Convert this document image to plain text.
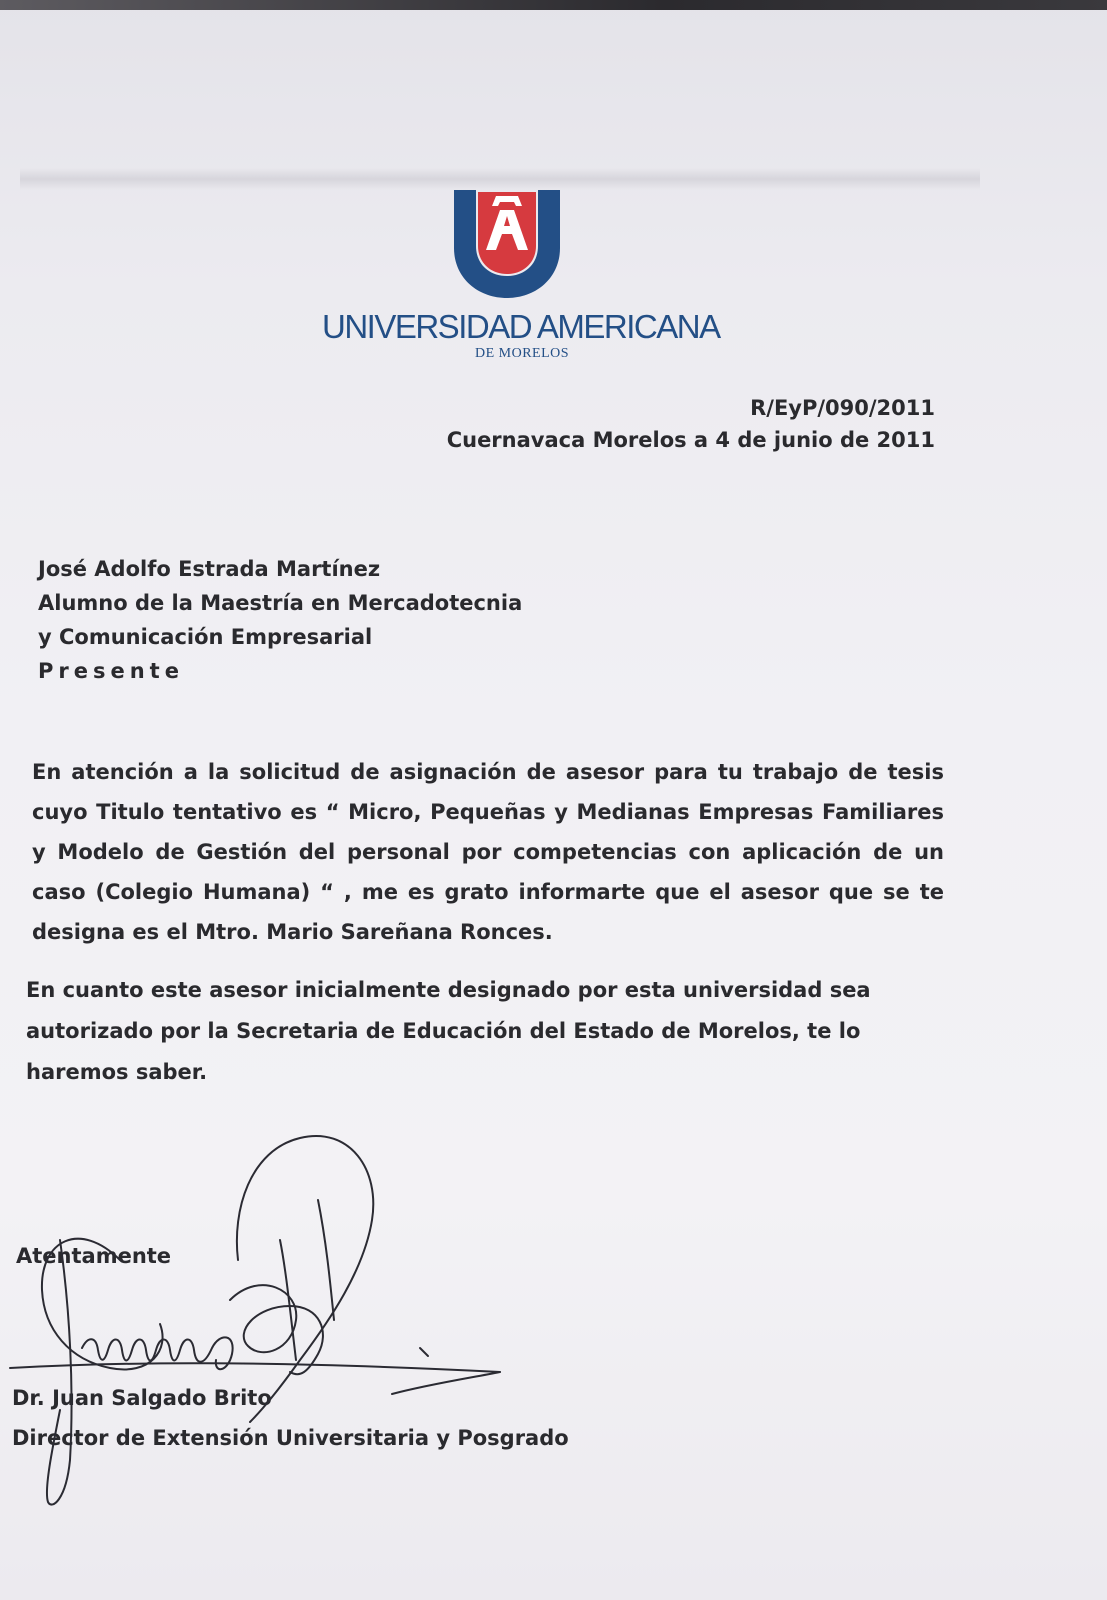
UNIVERSIDAD AMERICANA
DE MORELOS
R/EyP/090/2011
Cuernavaca Morelos a 4 de junio de 2011
José Adolfo Estrada Martínez
Alumno de la Maestría en Mercadotecnia
y Comunicación Empresarial
Presente
En atención a la solicitud de asignación de asesor para tu trabajo de tesis
cuyo Titulo tentativo es “ Micro, Pequeñas y Medianas Empresas Familiares
y Modelo de Gestión del personal por competencias con aplicación de un
caso (Colegio Humana) “ , me es grato informarte que el asesor que se te
designa es el Mtro. Mario Sareñana Ronces.
En cuanto este asesor inicialmente designado por esta universidad sea
autorizado por la Secretaria de Educación del Estado de Morelos, te lo
haremos saber.
Atentamente
Dr. Juan Salgado Brito
Director de Extensión Universitaria y Posgrado
